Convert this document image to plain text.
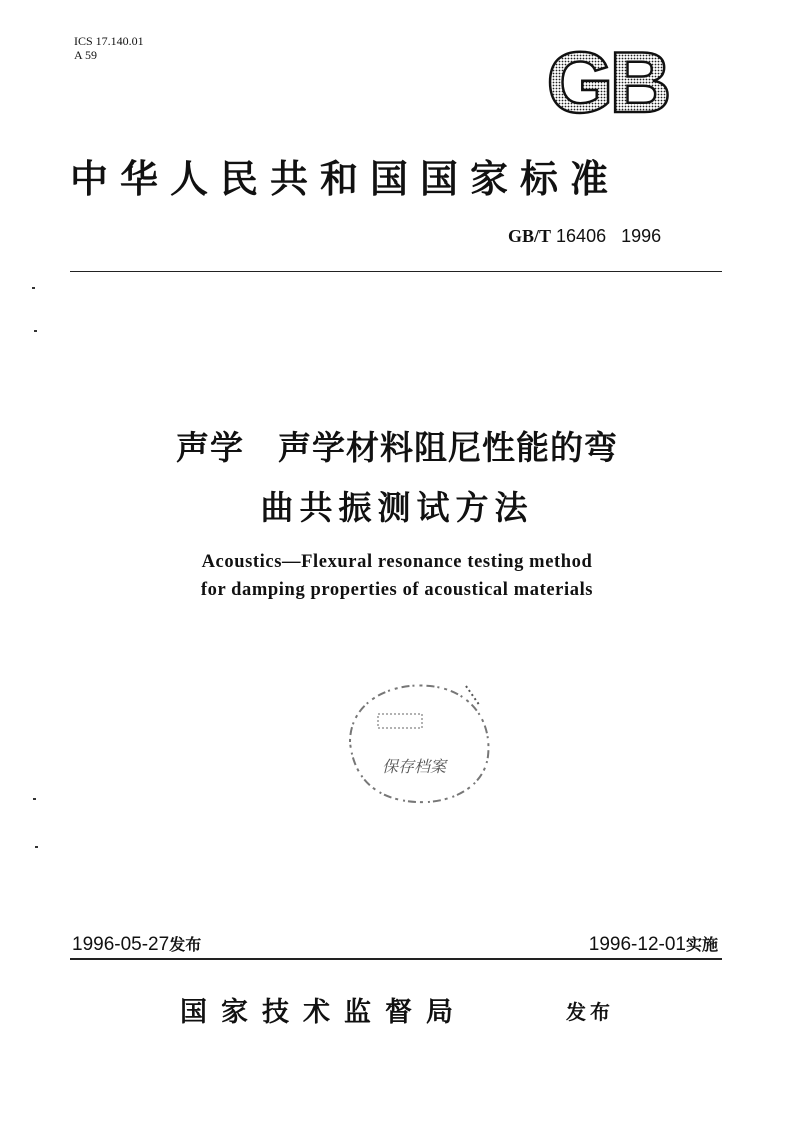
ICS 17.140.01
A 59	GB
中华人民共和国国家标准
GB/T 16406 1996
声学　声学材料阻尼性能的弯
曲共振测试方法
Acoustics—Flexural resonance testing method
for damping properties of acoustical materials
保存档案
1996-05-27发布	1996-12-01实施
国家技术监督局	发布
